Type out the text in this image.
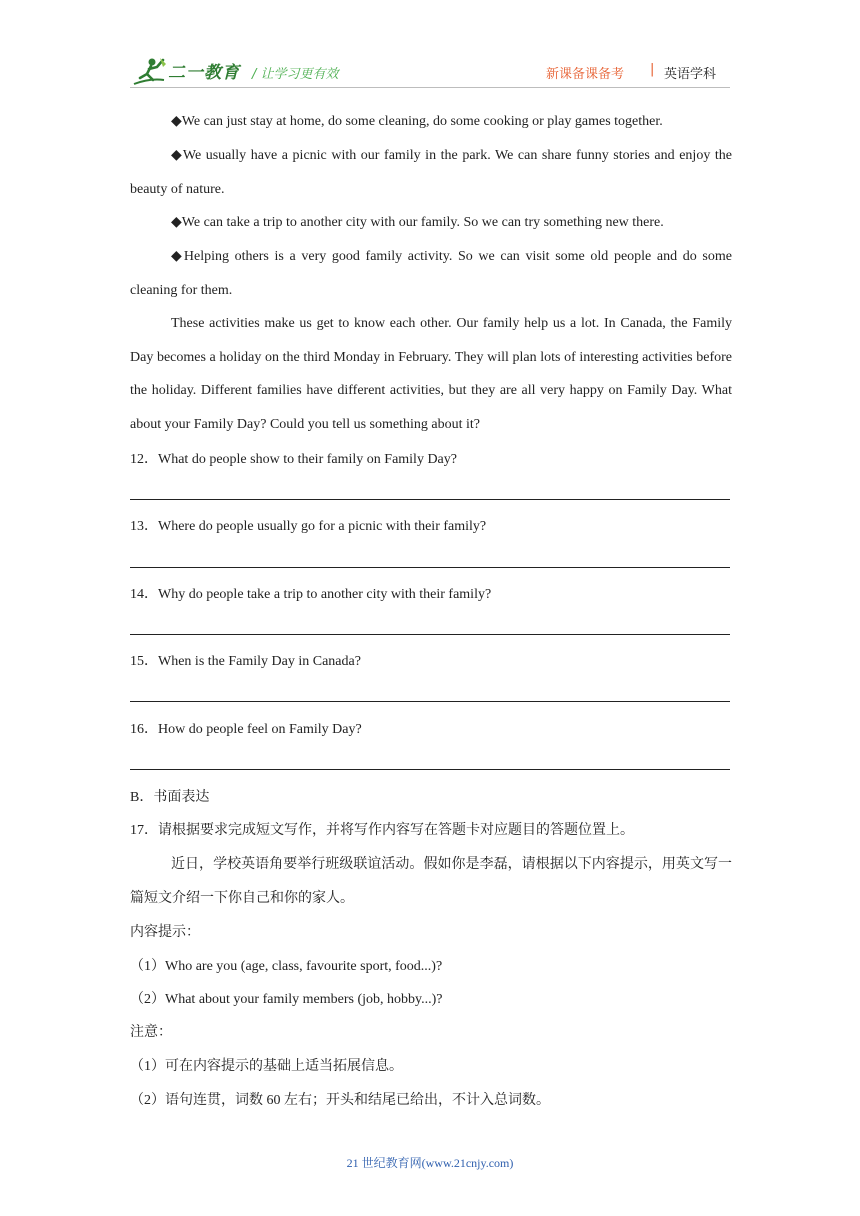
二一教育 / 让学习更有效	新课备课备考 | 英语学科
◆We can just stay at home, do some cleaning, do some cooking or play games together.
◆We usually have a picnic with our family in the park. We can share funny stories and enjoy the beauty of nature.
◆We can take a trip to another city with our family. So we can try something new there.
◆Helping others is a very good family activity. So we can visit some old people and do some cleaning for them.
These activities make us get to know each other. Our family help us a lot. In Canada, the Family Day becomes a holiday on the third Monday in February. They will plan lots of interesting activities before the holiday. Different families have different activities, but they are all very happy on Family Day. What about your Family Day? Could you tell us something about it?
12．What do people show to their family on Family Day?
13．Where do people usually go for a picnic with their family?
14．Why do people take a trip to another city with their family?
15．When is the Family Day in Canada?
16．How do people feel on Family Day?
B．书面表达
17．请根据要求完成短文写作，并将写作内容写在答题卡对应题目的答题位置上。
近日，学校英语角要举行班级联谊活动。假如你是李磊，请根据以下内容提示，用英文写一篇短文介绍一下你自己和你的家人。
内容提示：
（1）Who are you (age, class, favourite sport, food...)?
（2）What about your family members (job, hobby...)?
注意：
（1）可在内容提示的基础上适当拓展信息。
（2）语句连贯，词数 60 左右；开头和结尾已给出，不计入总词数。
21 世纪教育网(www.21cnjy.com)
